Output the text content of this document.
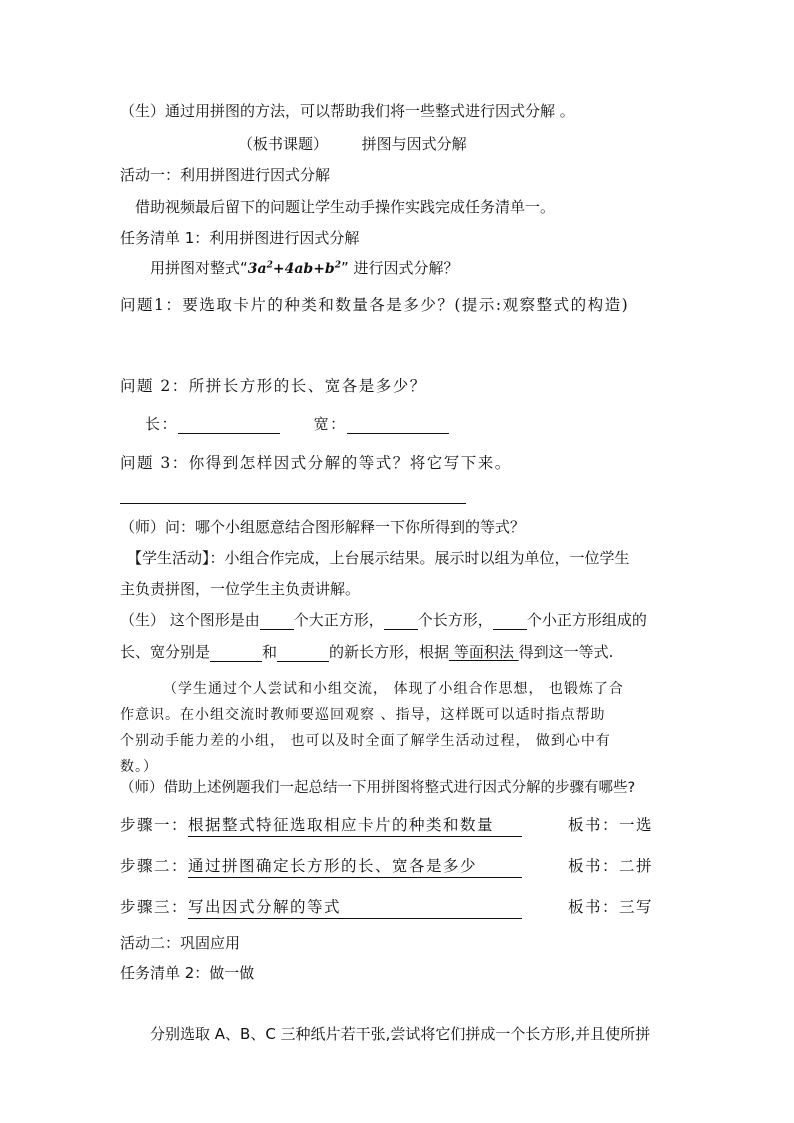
（生）通过用拼图的方法，可以帮助我们将一些整式进行因式分解 。
（板书课题） 拼图与因式分解
活动一：利用拼图进行因式分解
借助视频最后留下的问题让学生动手操作实践完成任务清单一。
任务清单 1：利用拼图进行因式分解
用拼图对整式“$3a^2+4ab+b^2$” 进行因式分解？
问题1：要选取卡片的种类和数量各是多少？(提示:观察整式的构造)
问题 2：所拼长方形的长、宽各是多少？
长：	宽：
问题 3：你得到怎样因式分解的等式？将它写下来。
（师）问：哪个小组愿意结合图形解释一下你所得到的等式？
【学生活动】：小组合作完成，上台展示结果。展示时以组为单位，一位学生
主负责拼图，一位学生主负责讲解。
（生） 这个图形是由 个大正方形， 个长方形， 个小正方形组成的
长、宽分别是	和	的新长方形，根据 等面积法 得到这一等式.
（学生通过个人尝试和小组交流， 体现了小组合作思想， 也锻炼了合
作意识。在小组交流时教师要巡回观察 、指导，这样既可以适时指点帮助
个别动手能力差的小组， 也可以及时全面了解学生活动过程， 做到心中有
数。）
（师）借助上述例题我们一起总结一下用拼图将整式进行因式分解的步骤有哪些?
步骤一：根据整式特征选取相应卡片的种类和数量	板书：一选
步骤二：通过拼图确定长方形的长、宽各是多少	板书：二拼
步骤三：写出因式分解的等式	板书：三写
活动二：巩固应用
任务清单 2：做一做
分别选取 A、B、C 三种纸片若干张,尝试将它们拼成一个长方形,并且使所拼
